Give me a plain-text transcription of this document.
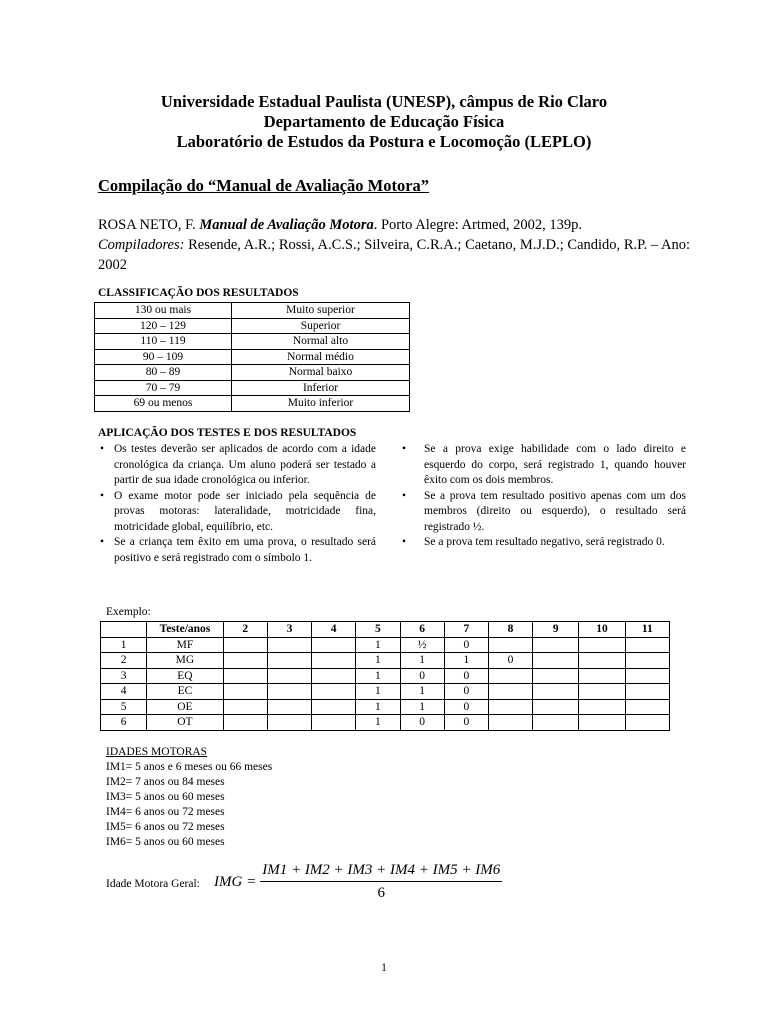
Universidade Estadual Paulista (UNESP), câmpus de Rio Claro
Departamento de Educação Física
Laboratório de Estudos da Postura e Locomoção (LEPLO)
Compilação do “Manual de Avaliação Motora”
ROSA NETO, F. Manual de Avaliação Motora. Porto Alegre: Artmed, 2002, 139p.
Compiladores: Resende, A.R.; Rossi, A.C.S.; Silveira, C.R.A.; Caetano, M.J.D.; Candido, R.P. – Ano: 2002
CLASSIFICAÇÃO DOS RESULTADOS
130 ou mais	Muito superior
120 – 129	Superior
110 – 119	Normal alto
90 – 109	Normal médio
80 – 89	Normal baixo
70 – 79	Inferior
69 ou menos	Muito inferior
APLICAÇÃO DOS TESTES E DOS RESULTADOS
• Os testes deverão ser aplicados de acordo com a idade cronológica da criança. Um aluno poderá ser testado a partir de sua idade cronológica ou inferior.
• O exame motor pode ser iniciado pela sequência de provas motoras: lateralidade, motricidade fina, motricidade global, equilíbrio, etc.
• Se a criança tem êxito em uma prova, o resultado será positivo e será registrado com o símbolo 1.
• Se a prova exige habilidade com o lado direito e esquerdo do corpo, será registrado 1, quando houver êxito com os dois membros.
• Se a prova tem resultado positivo apenas com um dos membros (direito ou esquerdo), o resultado será registrado ½.
• Se a prova tem resultado negativo, será registrado 0.
Exemplo:
	Teste/anos	2	3	4	5	6	7	8	9	10	11
1	MF				1	½	0				
2	MG				1	1	1	0			
3	EQ				1	0	0				
4	EC				1	1	0				
5	OE				1	1	0				
6	OT				1	0	0				
IDADES MOTORAS
IM1= 5 anos e 6 meses ou 66 meses
IM2= 7 anos ou 84 meses
IM3= 5 anos ou 60 meses
IM4= 6 anos ou 72 meses
IM5= 6 anos ou 72 meses
IM6= 5 anos ou 60 meses
Idade Motora Geral: IMG = $\frac{IM1 + IM2 + IM3 + IM4 + IM5 + IM6}{6}$
1
